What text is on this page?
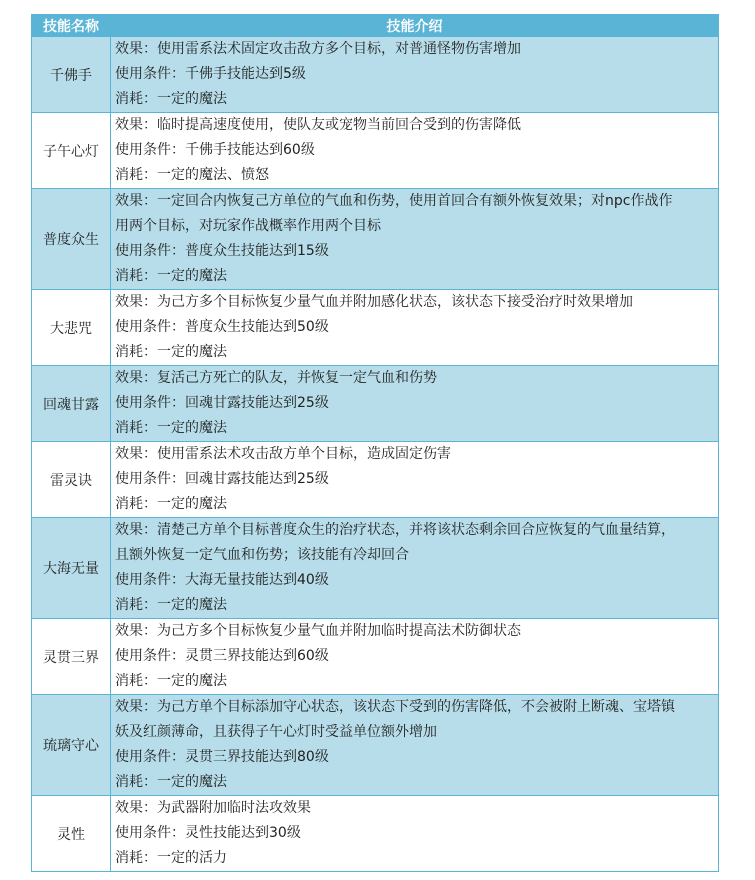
技能名称	技能介绍
千佛手	效果：使用雷系法术固定攻击敌方多个目标，对普通怪物伤害增加
使用条件：千佛手技能达到5级
消耗：一定的魔法

子午心灯	效果：临时提高速度使用，使队友或宠物当前回合受到的伤害降低
使用条件：千佛手技能达到60级
消耗：一定的魔法、愤怒

普度众生	效果：一定回合内恢复己方单位的气血和伤势，使用首回合有额外恢复效果；对npc作战作
用两个目标，对玩家作战概率作用两个目标
使用条件：普度众生技能达到15级
消耗：一定的魔法

大悲咒	效果：为己方多个目标恢复少量气血并附加感化状态，该状态下接受治疗时效果增加
使用条件：普度众生技能达到50级
消耗：一定的魔法

回魂甘露	效果：复活己方死亡的队友，并恢复一定气血和伤势
使用条件：回魂甘露技能达到25级
消耗：一定的魔法

雷灵诀	效果：使用雷系法术攻击敌方单个目标，造成固定伤害
使用条件：回魂甘露技能达到25级
消耗：一定的魔法

大海无量	效果：清楚己方单个目标普度众生的治疗状态，并将该状态剩余回合应恢复的气血量结算，
且额外恢复一定气血和伤势；该技能有冷却回合
使用条件：大海无量技能达到40级
消耗：一定的魔法

灵贯三界	效果：为己方多个目标恢复少量气血并附加临时提高法术防御状态
使用条件：灵贯三界技能达到60级
消耗：一定的魔法

琉璃守心	效果：为己方单个目标添加守心状态，该状态下受到的伤害降低，不会被附上断魂、宝塔镇
妖及红颜薄命，且获得子午心灯时受益单位额外增加
使用条件：灵贯三界技能达到80级
消耗：一定的魔法

灵性	效果：为武器附加临时法攻效果
使用条件：灵性技能达到30级
消耗：一定的活力
